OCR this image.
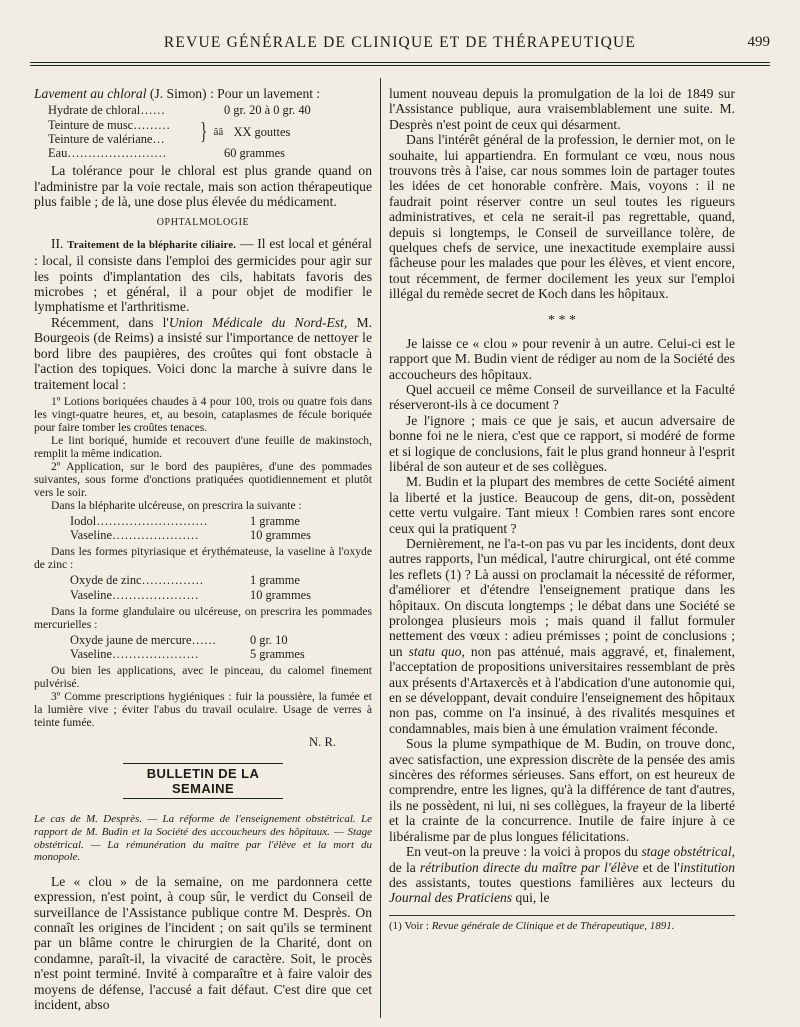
REVUE GÉNÉRALE DE CLINIQUE ET DE THÉRAPEUTIQUE	499

Lavement au chloral (J. Simon) : Pour un lavement :

Hydrate de chloral……	0 gr. 20 à 0 gr. 40
Teinture de musc………
Teinture de valériane…	} ââ XX gouttes
Eau……………………	60 grammes

La tolérance pour le chloral est plus grande quand on l'administre par la voie rectale, mais son action thérapeutique plus faible ; de là, une dose plus élevée du médicament.

OPHTALMOLOGIE

II. Traitement de la blépharite ciliaire. — Il est local et général : local, il consiste dans l'emploi des germicides pour agir sur les points d'implantation des cils, habitats favoris des microbes ; et général, il a pour objet de modifier le lymphatisme et l'arthritisme.

Récemment, dans l'Union Médicale du Nord-Est, M. Bourgeois (de Reims) a insisté sur l'importance de nettoyer le bord libre des paupières, des croûtes qui font obstacle à l'action des topiques. Voici donc la marche à suivre dans le traitement local :

1º Lotions boriquées chaudes à 4 pour 100, trois ou quatre fois dans les vingt-quatre heures, et, au besoin, cataplasmes de fécule boriquée pour faire tomber les croûtes tenaces.

Le lint boriqué, humide et recouvert d'une feuille de makinstoch, remplit la même indication.

2º Application, sur le bord des paupières, d'une des pommades suivantes, sous forme d'onctions pratiquées quotidiennement et plutôt vers le soir.

Dans la blépharite ulcéreuse, on prescrira la suivante :

Iodol………………………	1 gramme
Vaseline…………………	10 grammes

Dans les formes pityriasique et érythémateuse, la vaseline à l'oxyde de zinc :

Oxyde de zinc……………	1 gramme
Vaseline…………………	10 grammes

Dans la forme glandulaire ou ulcéreuse, on prescrira les pommades mercurielles :

Oxyde jaune de mercure……	0 gr. 10
Vaseline…………………	5 grammes

Ou bien les applications, avec le pinceau, du calomel finement pulvérisé.

3º Comme prescriptions hygiéniques : fuir la poussière, la fumée et la lumière vive ; éviter l'abus du travail oculaire. Usage de verres à teinte fumée.

N. R.
BULLETIN DE LA SEMAINE

Le cas de M. Desprès. — La réforme de l'enseignement obstétrical. Le rapport de M. Budin et la Société des accoucheurs des hôpitaux. — Stage obstétrical. — La rémunération du maître par l'élève et la mort du monopole.

Le « clou » de la semaine, on me pardonnera cette expression, n'est point, à coup sûr, le verdict du Conseil de surveillance de l'Assistance publique contre M. Desprès. On connaît les origines de l'incident ; on sait qu'ils se terminent par un blâme contre le chirurgien de la Charité, dont on condamne, paraît-il, la vivacité de caractère. Soit, le procès n'est point terminé. Invité à comparaître et à faire valoir des moyens de défense, l'accusé a fait défaut. C'est dire que cet incident, abso

lument nouveau depuis la promulgation de la loi de 1849 sur l'Assistance publique, aura vraisemblablement une suite. M. Desprès n'est point de ceux qui désarment.

Dans l'intérêt général de la profession, le dernier mot, on le souhaite, lui appartiendra. En formulant ce vœu, nous nous trouvons très à l'aise, car nous sommes loin de partager toutes les idées de cet honorable confrère. Mais, voyons : il ne faudrait point réserver contre un seul toutes les rigueurs administratives, et cela ne serait-il pas regrettable, quand, depuis si longtemps, le Conseil de surveillance tolère, de quelques chefs de service, une inexactitude exemplaire aussi fâcheuse pour les malades que pour les élèves, et vient encore, tout récemment, de fermer docilement les yeux sur l'emploi illégal du remède secret de Koch dans les hôpitaux.

* * *

Je laisse ce « clou » pour revenir à un autre. Celui-ci est le rapport que M. Budin vient de rédiger au nom de la Société des accoucheurs des hôpitaux.

Quel accueil ce même Conseil de surveillance et la Faculté réserveront-ils à ce document ?

Je l'ignore ; mais ce que je sais, et aucun adversaire de bonne foi ne le niera, c'est que ce rapport, si modéré de forme et si logique de conclusions, fait le plus grand honneur à l'esprit libéral de son auteur et de ses collègues.

M. Budin et la plupart des membres de cette Société aiment la liberté et la justice. Beaucoup de gens, dit-on, possèdent cette vertu vulgaire. Tant mieux ! Combien rares sont encore ceux qui la pratiquent ?

Dernièrement, ne l'a-t-on pas vu par les incidents, dont deux autres rapports, l'un médical, l'autre chirurgical, ont été comme les reflets (1) ? Là aussi on proclamait la nécessité de réformer, d'améliorer et d'étendre l'enseignement pratique dans les hôpitaux. On discuta longtemps ; le débat dans une Société se prolongea plusieurs mois ; mais quand il fallut formuler nettement des vœux : adieu prémisses ; point de conclusions ; un statu quo, non pas atténué, mais aggravé, et, finalement, l'acceptation de propositions universitaires ressemblant de près aux présents d'Artaxercès et à l'abdication d'une autonomie qui, en se développant, devait conduire l'enseignement des hôpitaux non pas, comme on l'a insinué, à des rivalités mesquines et condamnables, mais bien à une émulation vraiment féconde.

Sous la plume sympathique de M. Budin, on trouve donc, avec satisfaction, une expression discrète de la pensée des amis sincères des réformes sérieuses. Sans effort, on est heureux de comprendre, entre les lignes, qu'à la différence de tant d'autres, ils ne possèdent, ni lui, ni ses collègues, la frayeur de la liberté et la crainte de la concurrence. Inutile de faire injure à ce libéralisme par de plus longues félicitations.

En veut-on la preuve : la voici à propos du stage obstétrical, de la rétribution directe du maître par l'élève et de l'institution des assistants, toutes questions familières aux lecteurs du Journal des Praticiens qui, le

(1) Voir : Revue générale de Clinique et de Thérapeutique, 1891.
